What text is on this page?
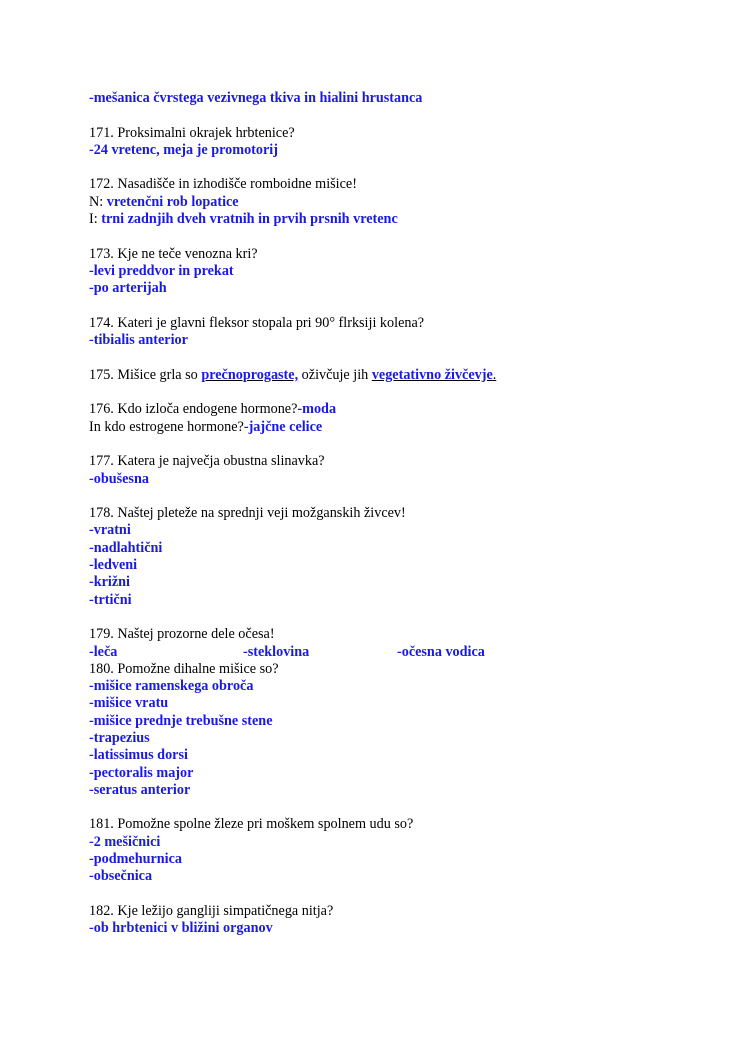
-mešanica čvrstega vezivnega tkiva in hialini hrustanca
171. Proksimalni okrajek hrbtenice?
-24 vretenc, meja je promotorij
172. Nasadišče in izhodišče romboidne mišice!
N: vretenčni rob lopatice
I: trni zadnjih dveh vratnih in prvih prsnih vretenc
173. Kje ne teče venozna kri?
-levi preddvor in prekat
-po arterijah
174. Kateri je glavni fleksor stopala pri 90° flrksiji kolena?
-tibialis anterior
175. Mišice grla so prečnoprogaste, oživčuje jih vegetativno živčevje.
176. Kdo izloča endogene hormone?-moda
In kdo estrogene hormone?-jajčne celice
177. Katera je največja obustna slinavka?
-obušesna
178. Naštej pleteže na sprednji veji možganskih živcev!
-vratni
-nadlahtični
-ledveni
-križni
-trtični
179. Naštej prozorne dele očesa!
-leča	-steklovina	-očesna vodica
180. Pomožne dihalne mišice so?
-mišice ramenskega obroča
-mišice vratu
-mišice prednje trebušne stene
-trapezius
-latissimus dorsi
-pectoralis major
-seratus anterior
181. Pomožne spolne žleze pri moškem spolnem udu so?
-2 mešičnici
-podmehurnica
-obsečnica
182. Kje ležijo gangliji simpatičnega nitja?
-ob hrbtenici v bližini organov
